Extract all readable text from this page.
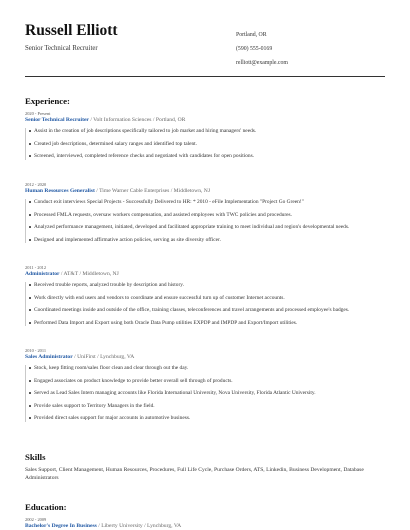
Russell Elliott
Senior Technical Recruiter
Portland, OR
(590) 555-0169
relliott@example.com
Experience:
2020 - Present
Senior Technical Recruiter / Volt Information Sciences / Portland, OR
Assist in the creation of job descriptions specifically tailored to job market and hiring managers' needs.
Created job descriptions, determined salary ranges and identified top talent.
Screened, interviewed, completed reference checks and negotiated with candidates for open positions.
2012 - 2020
Human Resources Generalist / Time Warner Cable Enterprises / Middletown, NJ
Conduct exit interviews Special Projects - Successfully Delivered to HR: * 2010 - eFile Implementation "Project Go Green!"
Processed FMLA requests, oversaw workers compensation, and assisted employees with TWC policies and procedures.
Analyzed performance management, initiated, developed and facilitated appropriate training to meet individual and region's developmental needs.
Designed and implemented affirmative action policies, serving as site diversity officer.
2011 - 2012
Administrator / AT&T / Middletown, NJ
Received trouble reports, analyzed trouble by description and history.
Work directly with end users and vendors to coordinate and ensure successful turn up of customer Internet accounts.
Coordinated meetings inside and outside of the office, training classes, teleconferences and travel arrangements and processed employee's badges.
Performed Data Import and Export using both Oracle Data Pump utilities EXPDP and IMPDP and Export/Import utilities.
2010 - 2011
Sales Administrator / UniFirst / Lynchburg, VA
Stock, keep fitting room/sales floor clean and clear through out the day.
Engaged associates on product knowledge to provide better overall sell through of products.
Served as Lead Sales Intern managing accounts like Florida International University, Nova University, Florida Atlantic University.
Provide sales support to Territory Managers in the field.
Provided direct sales support for major accounts in automotive business.
Skills
Sales Support, Client Management, Human Resources, Procedures, Full Life Cycle, Purchase Orders, ATS, Linkedin, Business Development, Database Administrators
Education:
2002 - 2009
Bachelor's Degree In Business / Liberty University / Lynchburg, VA
